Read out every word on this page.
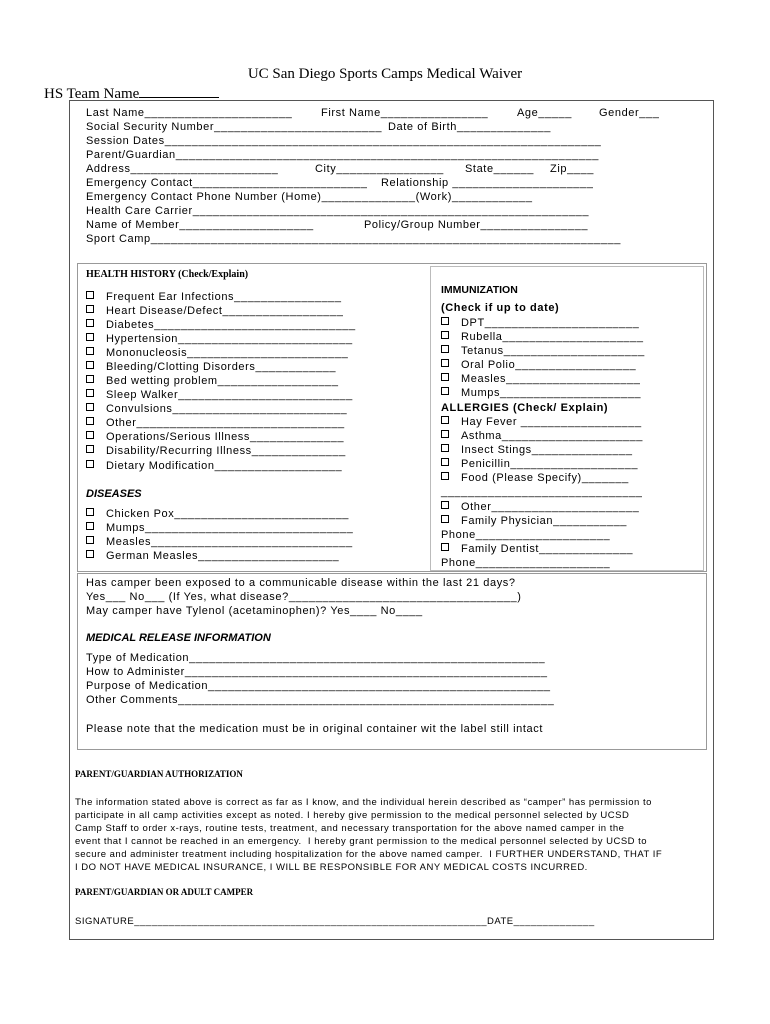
UC San Diego Sports Camps Medical Waiver
HS Team Name
Last Name______________________	First Name________________	Age_____ Gender___
Social Security Number_________________________ Date of Birth______________
Session Dates_________________________________________________________________
Parent/Guardian_______________________________________________________________
Address______________________	City________________ State______ Zip____
Emergency Contact__________________________ Relationship _____________________
Emergency Contact Phone Number (Home)______________(Work)____________
Health Care Carrier___________________________________________________________
Name of Member____________________	Policy/Group Number________________
Sport Camp______________________________________________________________________
HEALTH HISTORY (Check/Explain)
Frequent Ear Infections________________
Heart Disease/Defect__________________
Diabetes______________________________
Hypertension__________________________
Mononucleosis________________________
Bleeding/Clotting Disorders____________
Bed wetting problem__________________
Sleep Walker__________________________
Convulsions__________________________
Other_______________________________
Operations/Serious Illness______________
Disability/Recurring Illness______________
Dietary Modification___________________
DISEASES
Chicken Pox__________________________
Mumps_______________________________
Measles______________________________
German Measles_____________________
IMMUNIZATION
(Check if up to date)
DPT_______________________
Rubella_____________________
Tetanus_____________________
Oral Polio__________________
Measles____________________
Mumps_____________________
ALLERGIES (Check/ Explain)
Hay Fever __________________
Asthma_____________________
Insect Stings_______________
Penicillin___________________
Food (Please Specify)_______
______________________________
Other______________________
Family Physician___________
Phone____________________
Family Dentist______________
Phone____________________
Has camper been exposed to a communicable disease within the last 21 days?
Yes___ No___ (If Yes, what disease?__________________________________)
May camper have Tylenol (acetaminophen)? Yes____ No____
MEDICAL RELEASE INFORMATION
Type of Medication_____________________________________________________
How to Administer______________________________________________________
Purpose of Medication___________________________________________________
Other Comments________________________________________________________
Please note that the medication must be in original container wit the label still intact
PARENT/GUARDIAN AUTHORIZATION
The information stated above is correct as far as I know, and the individual herein described as “camper” has permission to
participate in all camp activities except as noted. I hereby give permission to the medical personnel selected by UCSD
Camp Staff to order x-rays, routine tests, treatment, and necessary transportation for the above named camper in the
event that I cannot be reached in an emergency.  I hereby grant permission to the medical personnel selected by UCSD to
secure and administer treatment including hospitalization for the above named camper.  I FURTHER UNDERSTAND, THAT IF
I DO NOT HAVE MEDICAL INSURANCE, I WILL BE RESPONSIBLE FOR ANY MEDICAL COSTS INCURRED.
PARENT/GUARDIAN OR ADULT CAMPER
SIGNATURE_____________________________________________________________DATE______________
